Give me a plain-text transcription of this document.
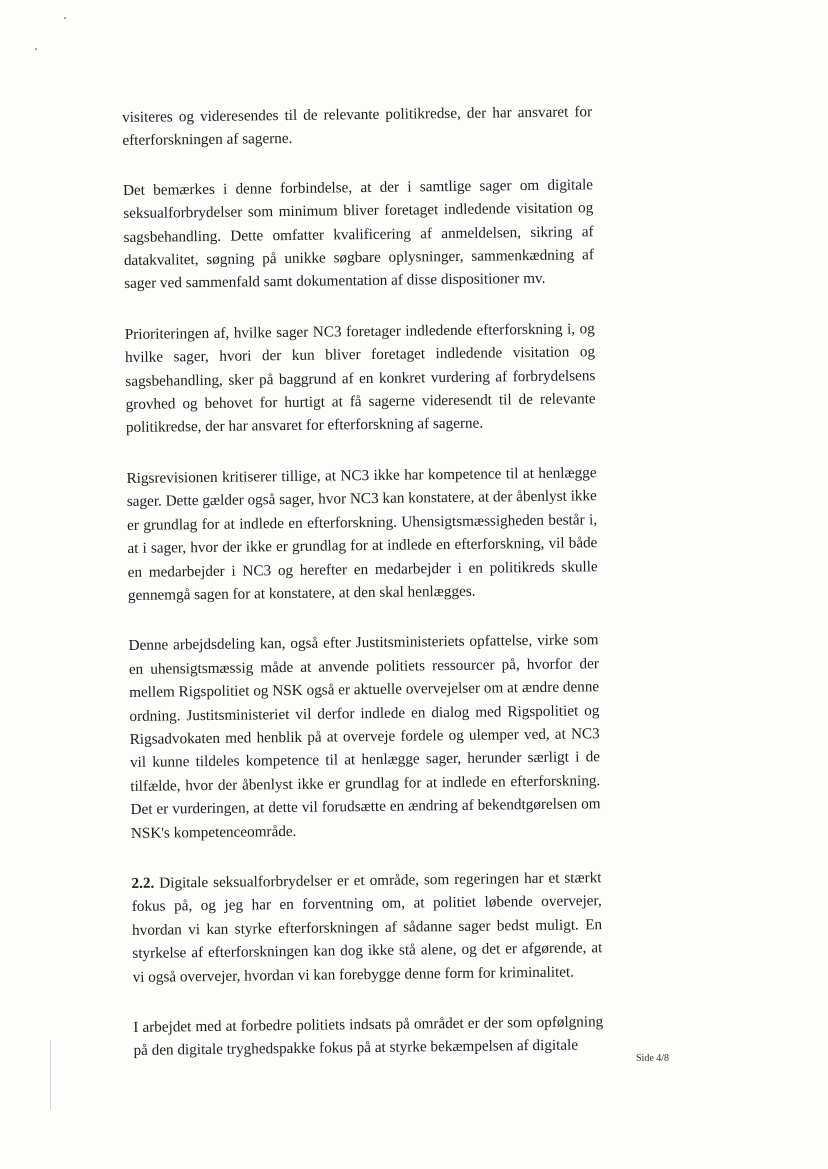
visiteres og videresendes til de relevante politikredse, der har ansvaret for efterforskningen af sagerne.

Det bemærkes i denne forbindelse, at der i samtlige sager om digitale seksualforbrydelser som minimum bliver foretaget indledende visitation og sagsbehandling. Dette omfatter kvalificering af anmeldelsen, sikring af datakvalitet, søgning på unikke søgbare oplysninger, sammenkædning af sager ved sammenfald samt dokumentation af disse dispositioner mv.

Prioriteringen af, hvilke sager NC3 foretager indledende efterforskning i, og hvilke sager, hvori der kun bliver foretaget indledende visitation og sagsbehandling, sker på baggrund af en konkret vurdering af forbrydelsens grovhed og behovet for hurtigt at få sagerne videresendt til de relevante politikredse, der har ansvaret for efterforskning af sagerne.

Rigsrevisionen kritiserer tillige, at NC3 ikke har kompetence til at henlægge sager. Dette gælder også sager, hvor NC3 kan konstatere, at der åbenlyst ikke er grundlag for at indlede en efterforskning. Uhensigtsmæssigheden består i, at i sager, hvor der ikke er grundlag for at indlede en efterforskning, vil både en medarbejder i NC3 og herefter en medarbejder i en politikreds skulle gennemgå sagen for at konstatere, at den skal henlægges.

Denne arbejdsdeling kan, også efter Justitsministeriets opfattelse, virke som en uhensigtsmæssig måde at anvende politiets ressourcer på, hvorfor der mellem Rigspolitiet og NSK også er aktuelle overvejelser om at ændre denne ordning. Justitsministeriet vil derfor indlede en dialog med Rigspolitiet og Rigsadvokaten med henblik på at overveje fordele og ulemper ved, at NC3 vil kunne tildeles kompetence til at henlægge sager, herunder særligt i de tilfælde, hvor der åbenlyst ikke er grundlag for at indlede en efterforskning. Det er vurderingen, at dette vil forudsætte en ændring af bekendtgørelsen om NSK's kompetenceområde.

2.2. Digitale seksualforbrydelser er et område, som regeringen har et stærkt fokus på, og jeg har en forventning om, at politiet løbende overvejer, hvordan vi kan styrke efterforskningen af sådanne sager bedst muligt. En styrkelse af efterforskningen kan dog ikke stå alene, og det er afgørende, at vi også overvejer, hvordan vi kan forebygge denne form for kriminalitet.

I arbejdet med at forbedre politiets indsats på området er der som opfølgning på den digitale tryghedspakke fokus på at styrke bekæmpelsen af digitale	Side 4/8
